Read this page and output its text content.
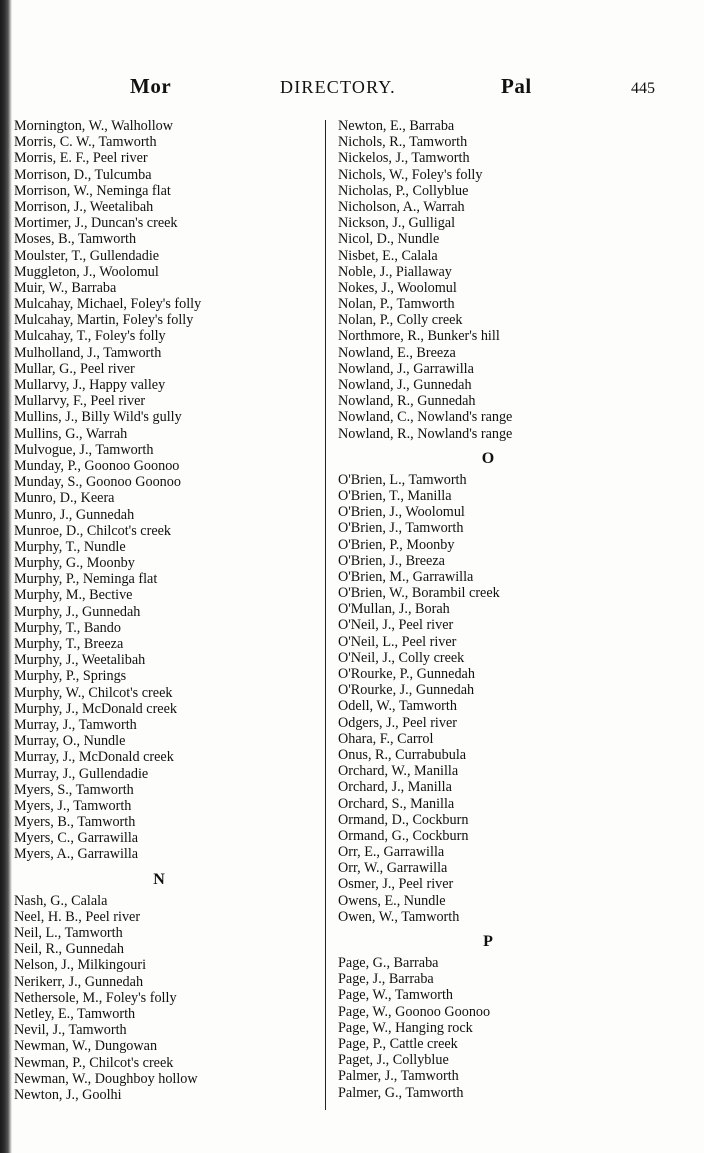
Mor	DIRECTORY.	Pal	445
Mornington, W., Walhollow
Morris, C. W., Tamworth
Morris, E. F., Peel river
Morrison, D., Tulcumba
Morrison, W., Neminga flat
Morrison, J., Weetalibah
Mortimer, J., Duncan's creek
Moses, B., Tamworth
Moulster, T., Gullendadie
Muggleton, J., Woolomul
Muir, W., Barraba
Mulcahay, Michael, Foley's folly
Mulcahay, Martin, Foley's folly
Mulcahay, T., Foley's folly
Mulholland, J., Tamworth
Mullar, G., Peel river
Mullarvy, J., Happy valley
Mullarvy, F., Peel river
Mullins, J., Billy Wild's gully
Mullins, G., Warrah
Mulvogue, J., Tamworth
Munday, P., Goonoo Goonoo
Munday, S., Goonoo Goonoo
Munro, D., Keera
Munro, J., Gunnedah
Munroe, D., Chilcot's creek
Murphy, T., Nundle
Murphy, G., Moonby
Murphy, P., Neminga flat
Murphy, M., Bective
Murphy, J., Gunnedah
Murphy, T., Bando
Murphy, T., Breeza
Murphy, J., Weetalibah
Murphy, P., Springs
Murphy, W., Chilcot's creek
Murphy, J., McDonald creek
Murray, J., Tamworth
Murray, O., Nundle
Murray, J., McDonald creek
Murray, J., Gullendadie
Myers, S., Tamworth
Myers, J., Tamworth
Myers, B., Tamworth
Myers, C., Garrawilla
Myers, A., Garrawilla
N
Nash, G., Calala
Neel, H. B., Peel river
Neil, L., Tamworth
Neil, R., Gunnedah
Nelson, J., Milkingouri
Nerikerr, J., Gunnedah
Nethersole, M., Foley's folly
Netley, E., Tamworth
Nevil, J., Tamworth
Newman, W., Dungowan
Newman, P., Chilcot's creek
Newman, W., Doughboy hollow
Newton, J., Goolhi
Newton, E., Barraba
Nichols, R., Tamworth
Nickelos, J., Tamworth
Nichols, W., Foley's folly
Nicholas, P., Collyblue
Nicholson, A., Warrah
Nickson, J., Gulligal
Nicol, D., Nundle
Nisbet, E., Calala
Noble, J., Piallaway
Nokes, J., Woolomul
Nolan, P., Tamworth
Nolan, P., Colly creek
Northmore, R., Bunker's hill
Nowland, E., Breeza
Nowland, J., Garrawilla
Nowland, J., Gunnedah
Nowland, R., Gunnedah
Nowland, C., Nowland's range
Nowland, R., Nowland's range
O
O'Brien, L., Tamworth
O'Brien, T., Manilla
O'Brien, J., Woolomul
O'Brien, J., Tamworth
O'Brien, P., Moonby
O'Brien, J., Breeza
O'Brien, M., Garrawilla
O'Brien, W., Borambil creek
O'Mullan, J., Borah
O'Neil, J., Peel river
O'Neil, L., Peel river
O'Neil, J., Colly creek
O'Rourke, P., Gunnedah
O'Rourke, J., Gunnedah
Odell, W., Tamworth
Odgers, J., Peel river
Ohara, F., Carrol
Onus, R., Currabubula
Orchard, W., Manilla
Orchard, J., Manilla
Orchard, S., Manilla
Ormand, D., Cockburn
Ormand, G., Cockburn
Orr, E., Garrawilla
Orr, W., Garrawilla
Osmer, J., Peel river
Owens, E., Nundle
Owen, W., Tamworth
P
Page, G., Barraba
Page, J., Barraba
Page, W., Tamworth
Page, W., Goonoo Goonoo
Page, W., Hanging rock
Page, P., Cattle creek
Paget, J., Collyblue
Palmer, J., Tamworth
Palmer, G., Tamworth
